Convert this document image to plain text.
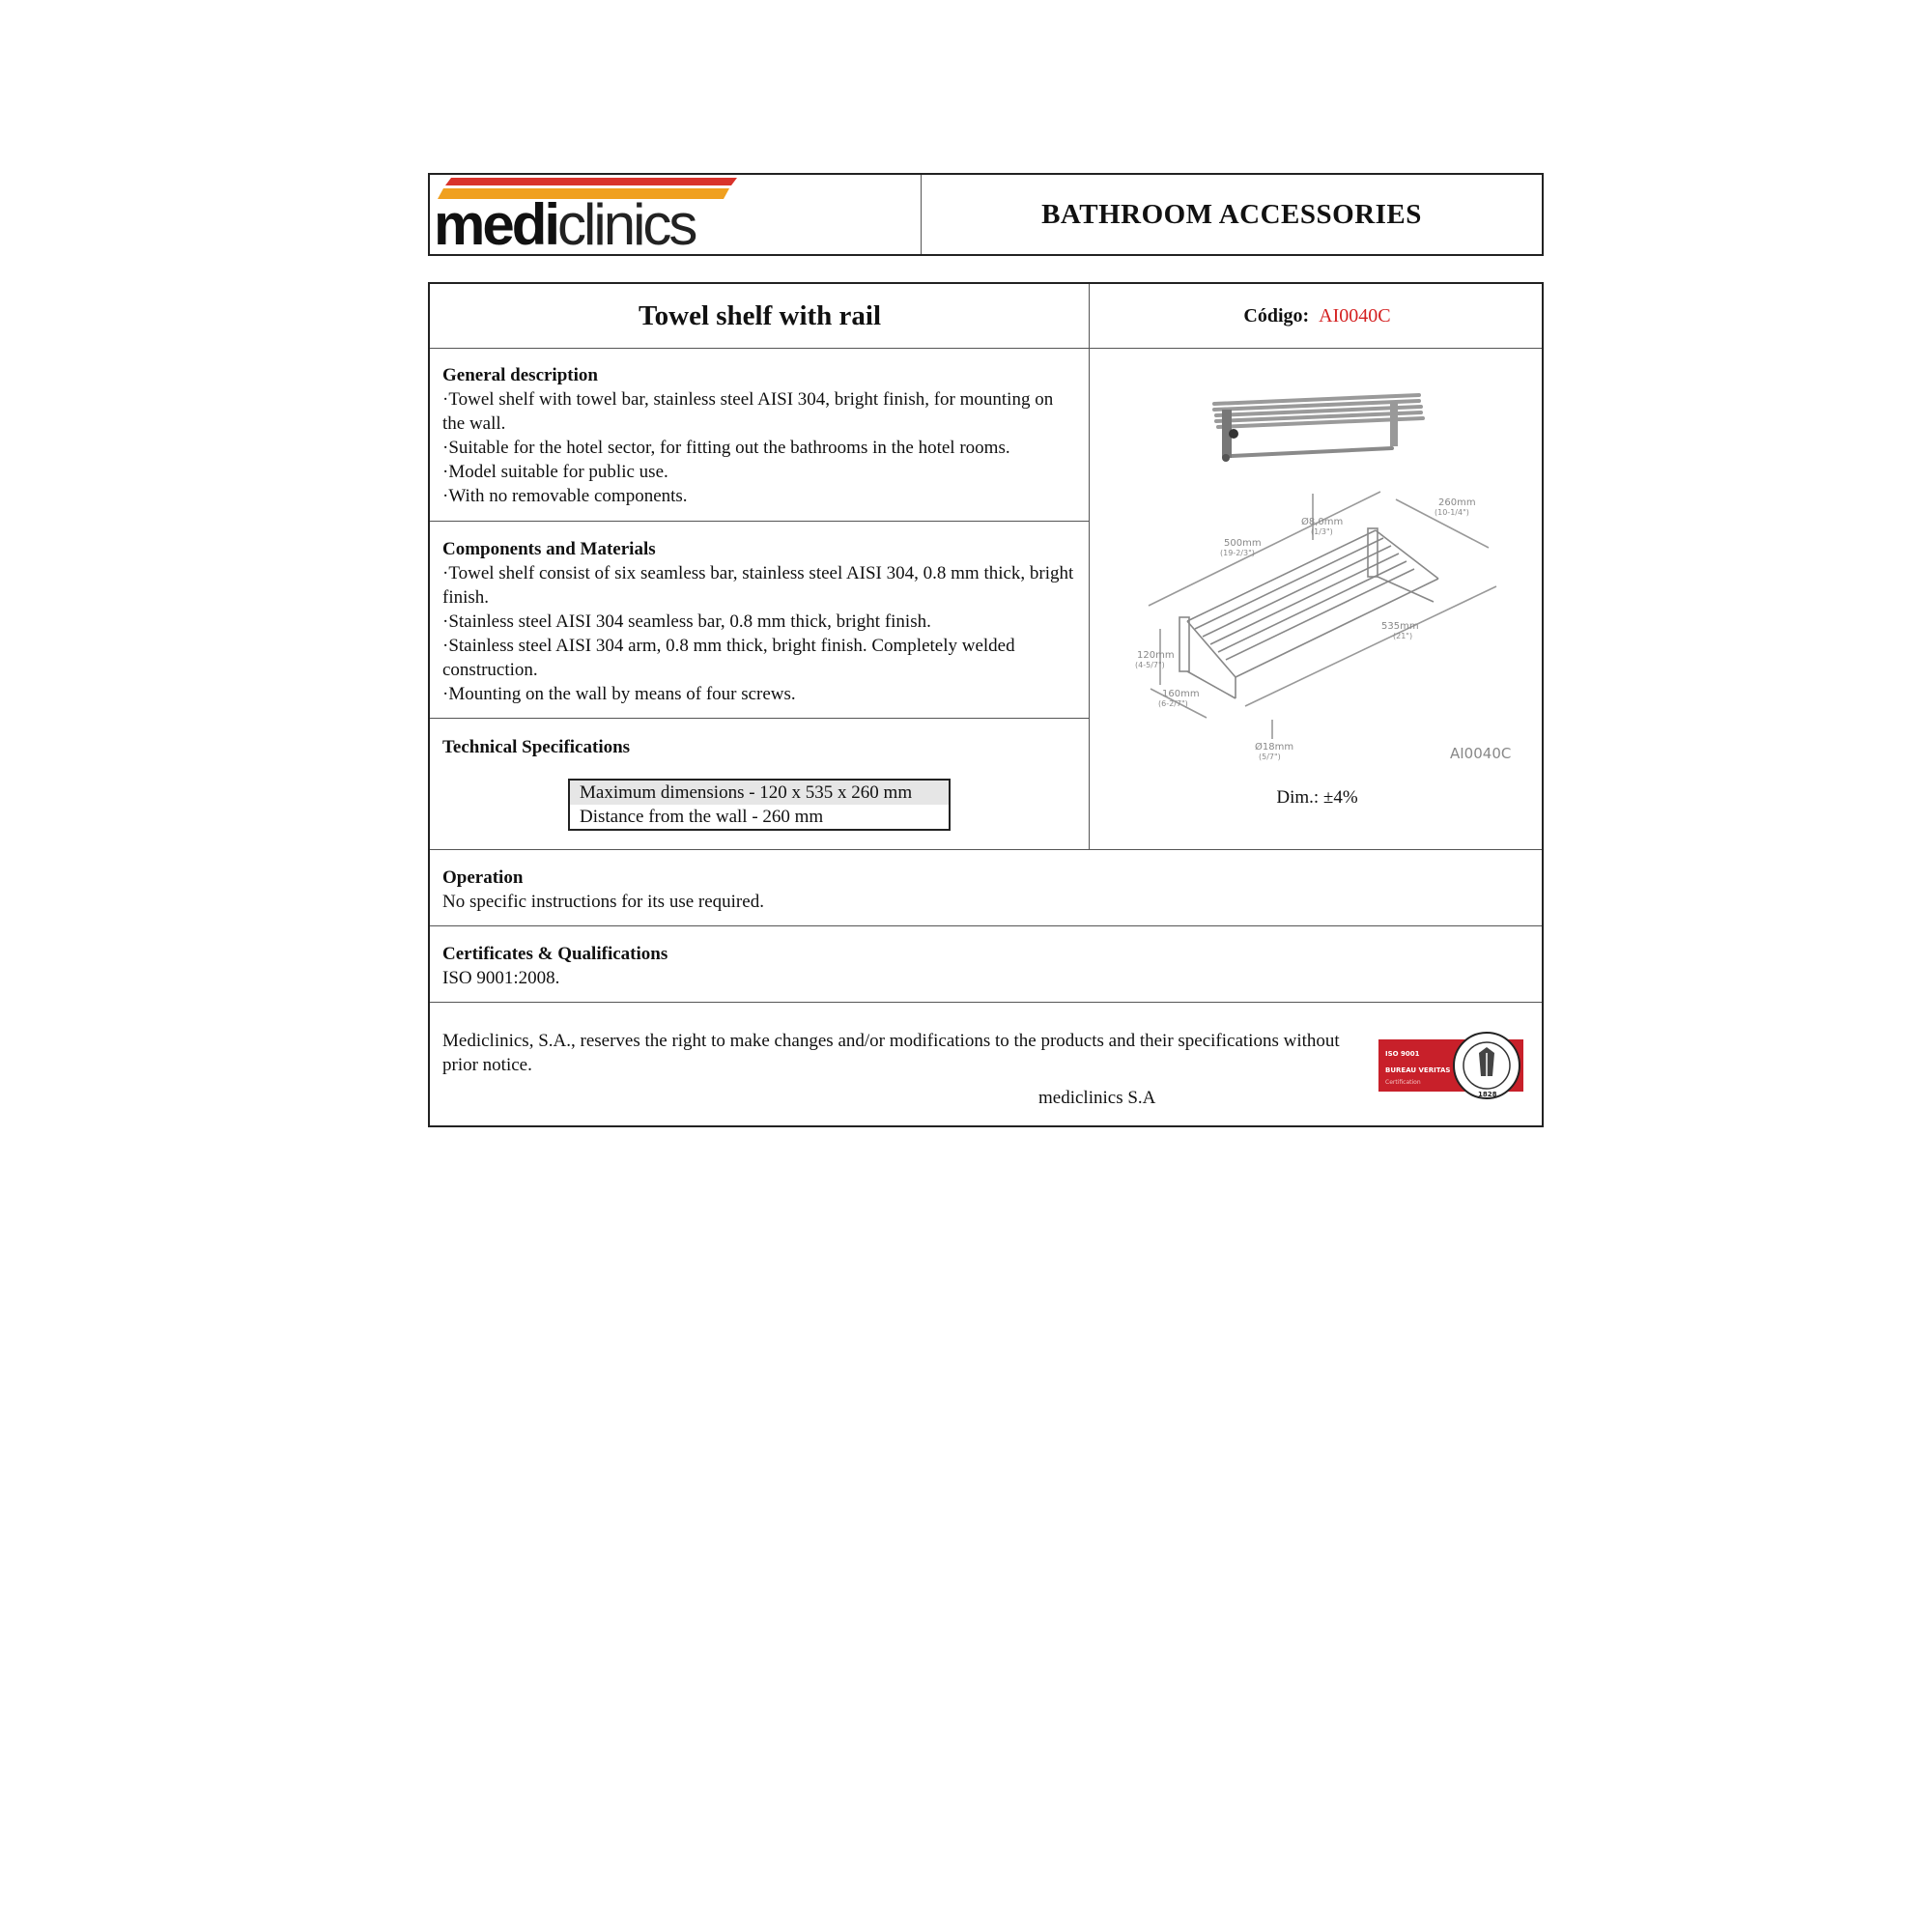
mediclinics	BATHROOM ACCESSORIES
Towel shelf with rail	Código: AI0040C
General description

·Towel shelf with towel bar, stainless steel AISI 304, bright finish, for mounting on the wall.

·Suitable for the hotel sector, for fitting out the bathrooms in the hotel rooms.

·Model suitable for public use.

·With no removable components.

Components and Materials

·Towel shelf consist of six seamless bar, stainless steel AISI 304, 0.8 mm thick, bright finish.

·Stainless steel AISI 304 seamless bar, 0.8 mm thick, bright finish.

·Stainless steel AISI 304 arm, 0.8 mm thick, bright finish. Completely welded construction.

·Mounting on the wall by means of four screws.

Technical Specifications
Maximum dimensions - 120 x 535 x 260 mm
Distance from the wall - 260 mm
260mm
(10-1/4")
Ø8,0mm
(1/3")
500mm
(19-2/3")
535mm
(21")
120mm
(4-5/7")
160mm
(6-2/7")
Ø18mm
(5/7")	AI0040C
Dim.: ±4%
Operation

No specific instructions for its use required.

Certificates & Qualifications

ISO 9001:2008.

Mediclinics, S.A., reserves the right to make changes and/or modifications to the products and their specifications without prior notice.
mediclinics S.A
ISO 9001
BUREAU VERITAS
Certification
1828
